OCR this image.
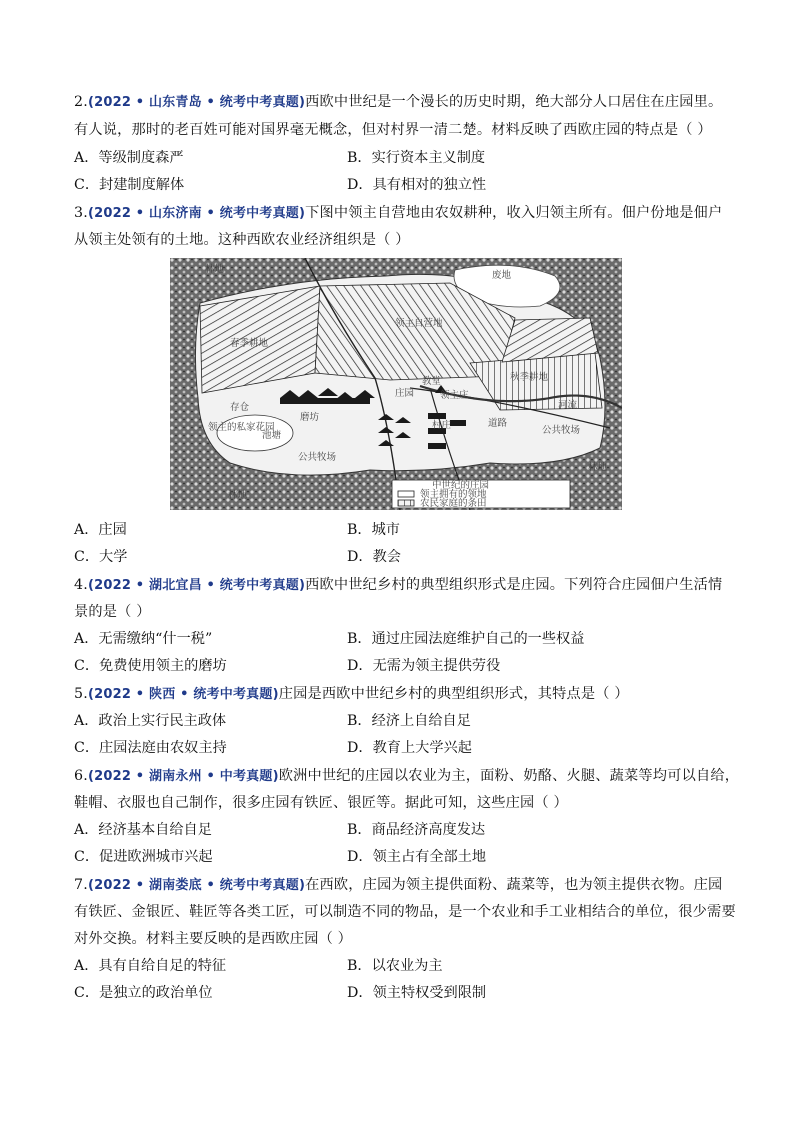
2.(2022 • 山东青岛 • 统考中考真题)西欧中世纪是一个漫长的历史时期，绝大部分人口居住在庄园里。
有人说，那时的老百姓可能对国界毫无概念，但对村界一清二楚。材料反映了西欧庄园的特点是（ ）
A．等级制度森严	B．实行资本主义制度
C．封建制度解体	D．具有相对的独立性
3.(2022 • 山东济南 • 统考中考真题)下图中领主自营地由农奴耕种，收入归领主所有。佃户份地是佃户
从领主处领有的土地。这种西欧农业经济组织是（ ）
林地
废地
领主自营地
春季耕地
秋季耕地
教堂
庄园	领主庄
存仓
磨坊
领主的私家花园
池塘
村庄	道路
河流
公共牧场
公共牧场
林地
林地
中世纪的庄园
领主拥有的领地
农民家庭的条田
A．庄园	B．城市
C．大学	D．教会
4.(2022 • 湖北宜昌 • 统考中考真题)西欧中世纪乡村的典型组织形式是庄园。下列符合庄园佃户生活情
景的是（ ）
A．无需缴纳“什一税”	B．通过庄园法庭维护自己的一些权益
C．免费使用领主的磨坊	D．无需为领主提供劳役
5.(2022 • 陕西 • 统考中考真题)庄园是西欧中世纪乡村的典型组织形式，其特点是（ ）
A．政治上实行民主政体	B．经济上自给自足
C．庄园法庭由农奴主持	D．教育上大学兴起
6.(2022 • 湖南永州 • 中考真题)欧洲中世纪的庄园以农业为主，面粉、奶酪、火腿、蔬菜等均可以自给，
鞋帽、衣服也自己制作，很多庄园有铁匠、银匠等。据此可知，这些庄园（ ）
A．经济基本自给自足	B．商品经济高度发达
C．促进欧洲城市兴起	D．领主占有全部土地
7.(2022 • 湖南娄底 • 统考中考真题)在西欧，庄园为领主提供面粉、蔬菜等，也为领主提供衣物。庄园
有铁匠、金银匠、鞋匠等各类工匠，可以制造不同的物品，是一个农业和手工业相结合的单位，很少需要
对外交换。材料主要反映的是西欧庄园（ ）
A．具有自给自足的特征	B．以农业为主
C．是独立的政治单位	D．领主特权受到限制
